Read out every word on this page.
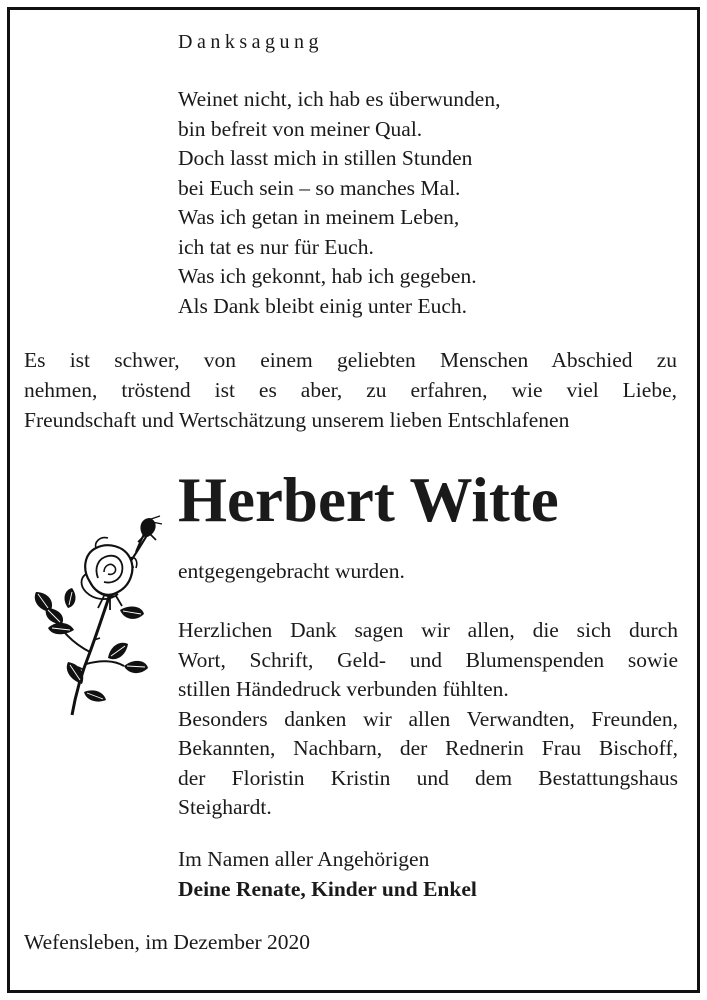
Danksagung
Weinet nicht, ich hab es überwunden,
bin befreit von meiner Qual.
Doch lasst mich in stillen Stunden
bei Euch sein – so manches Mal.
Was ich getan in meinem Leben,
ich tat es nur für Euch.
Was ich gekonnt, hab ich gegeben.
Als Dank bleibt einig unter Euch.
Es ist schwer, von einem geliebten Menschen Abschied zu
nehmen, tröstend ist es aber, zu erfahren, wie viel Liebe,
Freundschaft und Wertschätzung unserem lieben Entschlafenen
Herbert Witte
entgegengebracht wurden.
Herzlichen Dank sagen wir allen, die sich durch
Wort, Schrift, Geld- und Blumenspenden sowie
stillen Händedruck verbunden fühlten.
Besonders danken wir allen Verwandten, Freunden,
Bekannten, Nachbarn, der Rednerin Frau Bischoff,
der Floristin Kristin und dem Bestattungshaus
Steighardt.
Im Namen aller Angehörigen
Deine Renate, Kinder und Enkel
Wefensleben, im Dezember 2020
